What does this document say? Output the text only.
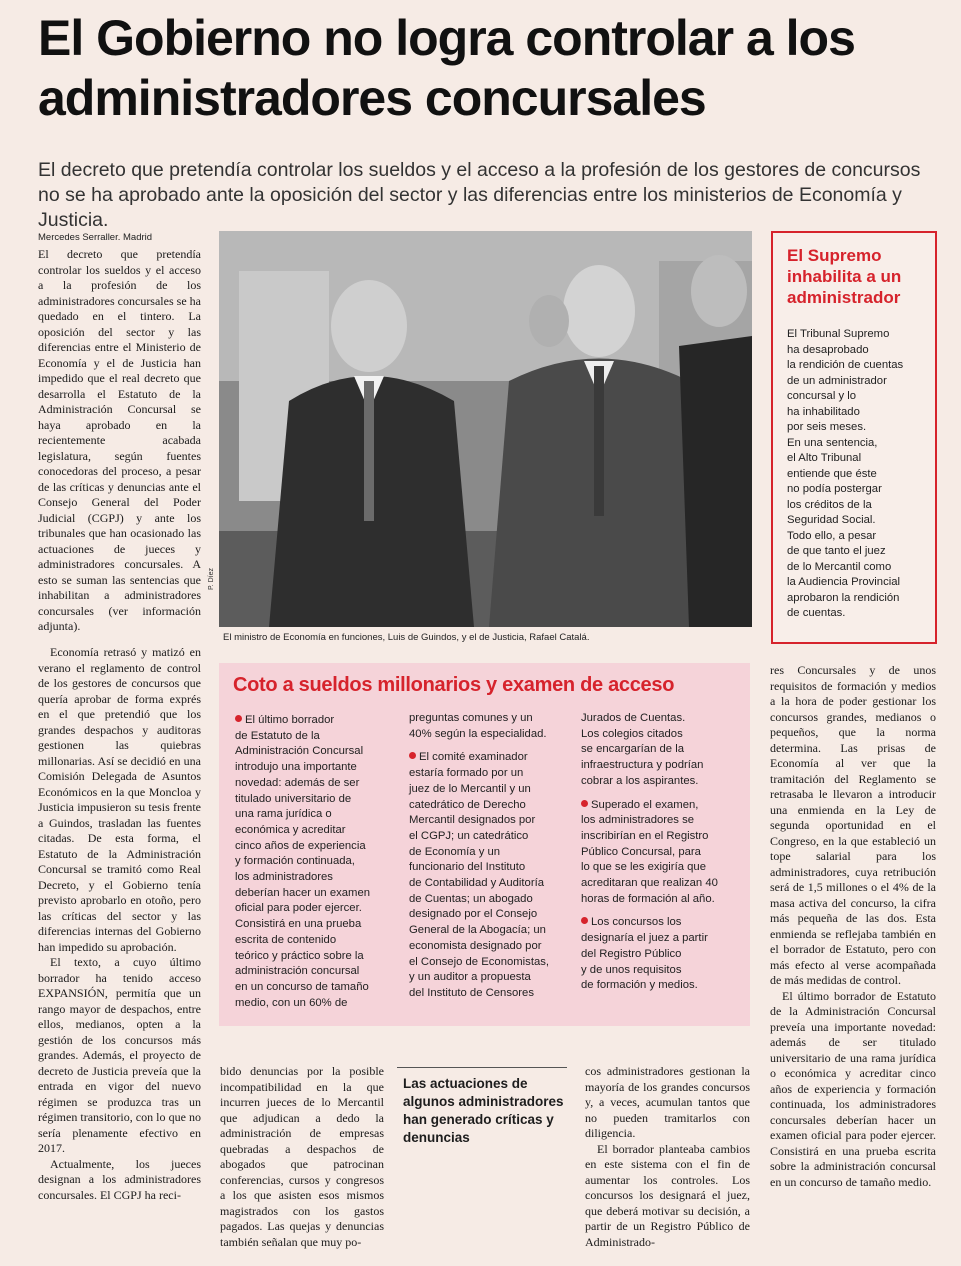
El Gobierno no logra controlar a los administradores concursales

El decreto que pretendía controlar los sueldos y el acceso a la profesión de los gestores de concursos no se ha aprobado ante la oposición del sector y las diferencias entre los ministerios de Economía y Justicia.

Mercedes Serraller. Madrid

El decreto que pretendía controlar los sueldos y el acceso a la profesión de los administradores concursales se ha quedado en el tintero. La oposición del sector y las diferencias entre el Ministerio de Economía y el de Justicia han impedido que el real decreto que desarrolla el Estatuto de la Administración Concursal se haya aprobado en la recientemente acabada legislatura, según fuentes conocedoras del proceso, a pesar de las críticas y denuncias ante el Consejo General del Poder Judicial (CGPJ) y ante los tribunales que han ocasionado las actuaciones de jueces y administradores concursales. A esto se suman las sentencias que inhabilitan a administradores concursales (ver información adjunta).

P. Díez
El ministro de Economía en funciones, Luis de Guindos, y el de Justicia, Rafael Catalá.
El Supremo inhabilita a un administrador
El Tribunal Supremo
ha desaprobado
la rendición de cuentas
de un administrador
concursal y lo
ha inhabilitado
por seis meses.
En una sentencia,
el Alto Tribunal
entiende que éste
no podía postergar
los créditos de la
Seguridad Social.
Todo ello, a pesar
de que tanto el juez
de lo Mercantil como
la Audiencia Provincial
aprobaron la rendición
de cuentas.

Economía retrasó y matizó en verano el reglamento de control de los gestores de concursos que quería aprobar de forma exprés en el que pretendió que los grandes despachos y auditoras gestionen las quiebras millonarias. Así se decidió en una Comisión Delegada de Asuntos Económicos en la que Moncloa y Justicia impusieron su tesis frente a Guindos, trasladan las fuentes citadas. De esta forma, el Estatuto de la Administración Concursal se tramitó como Real Decreto, y el Gobierno tenía previsto aprobarlo en otoño, pero las críticas del sector y las diferencias internas del Gobierno han impedido su aprobación.

El texto, a cuyo último borrador ha tenido acceso EXPANSIÓN, permitía que un rango mayor de despachos, entre ellos, medianos, opten a la gestión de los concursos más grandes. Además, el proyecto de decreto de Justicia preveía que la entrada en vigor del nuevo régimen se produzca tras un régimen transitorio, con lo que no sería plenamente efectivo en 2017.

Actualmente, los jueces designan a los administradores concursales. El CGPJ ha reci-

Coto a sueldos millonarios y examen de acceso
El último borrador
de Estatuto de la
Administración Concursal
introdujo una importante
novedad: además de ser
titulado universitario de
una rama jurídica o
económica y acreditar
cinco años de experiencia
y formación continuada,
los administradores
deberían hacer un examen
oficial para poder ejercer.
Consistirá en una prueba
escrita de contenido
teórico y práctico sobre la
administración concursal
en un concurso de tamaño
medio, con un 60% de
preguntas comunes y un
40% según la especialidad.
El comité examinador
estaría formado por un
juez de lo Mercantil y un
catedrático de Derecho
Mercantil designados por
el CGPJ; un catedrático
de Economía y un
funcionario del Instituto
de Contabilidad y Auditoría
de Cuentas; un abogado
designado por el Consejo
General de la Abogacía; un
economista designado por
el Consejo de Economistas,
y un auditor a propuesta
del Instituto de Censores
Jurados de Cuentas.
Los colegios citados
se encargarían de la
infraestructura y podrían
cobrar a los aspirantes.
Superado el examen,
los administradores se
inscribirían en el Registro
Público Concursal, para
lo que se les exigiría que
acreditaran que realizan 40
horas de formación al año.
Los concursos los
designaría el juez a partir
del Registro Público
y de unos requisitos
de formación y medios.

res Concursales y de unos requisitos de formación y medios a la hora de poder gestionar los concursos grandes, medianos o pequeños, que la norma determina. Las prisas de Economía al ver que la tramitación del Reglamento se retrasaba le llevaron a introducir una enmienda en la Ley de segunda oportunidad en el Congreso, en la que estableció un tope salarial para los administradores, cuya retribución será de 1,5 millones o el 4% de la masa activa del concurso, la cifra más pequeña de las dos. Esta enmienda se reflejaba también en el borrador de Estatuto, pero con más efecto al verse acompañada de más medidas de control.

El último borrador de Estatuto de la Administración Concursal preveía una importante novedad: además de ser titulado universitario de una rama jurídica o económica y acreditar cinco años de experiencia y formación continuada, los administradores concursales deberían hacer un examen oficial para poder ejercer. Consistirá en una prueba escrita sobre la administración concursal en un concurso de tamaño medio.

bido denuncias por la posible incompatibilidad en la que incurren jueces de lo Mercantil que adjudican a dedo la administración de empresas quebradas a despachos de abogados que patrocinan conferencias, cursos y congresos a los que asisten esos mismos magistrados con los gastos pagados. Las quejas y denuncias también señalan que muy po-

Las actuaciones de algunos administradores han generado críticas y denuncias

cos administradores gestionan la mayoría de los grandes concursos y, a veces, acumulan tantos que no pueden tramitarlos con diligencia.

El borrador planteaba cambios en este sistema con el fin de aumentar los controles. Los concursos los designará el juez, que deberá motivar su decisión, a partir de un Registro Público de Administrado-
